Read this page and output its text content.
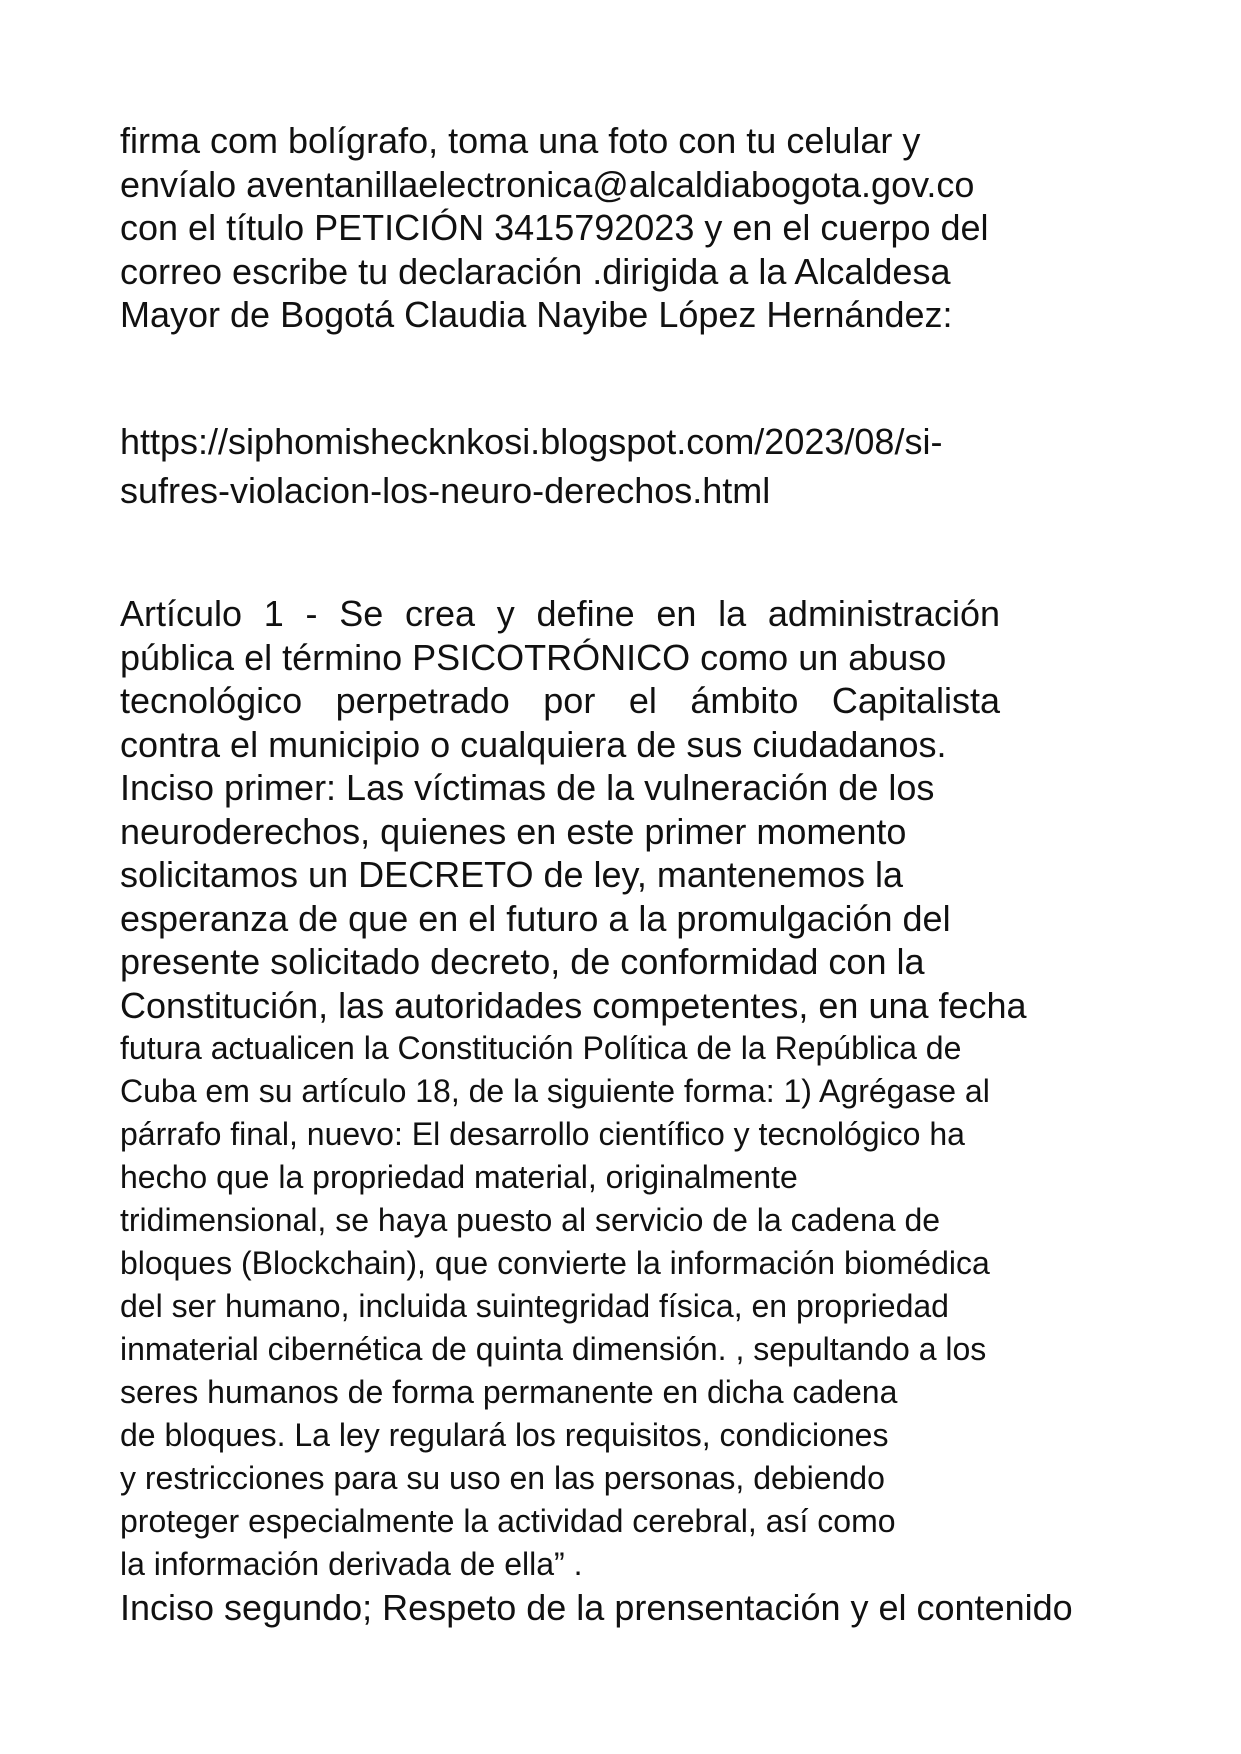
firma com bolígrafo, toma una foto con tu celular y
envíalo aventanillaelectronica@alcaldiabogota.gov.co
con el título PETICIÓN 3415792023 y en el cuerpo del
correo escribe tu declaración .dirigida a la Alcaldesa
Mayor de Bogotá Claudia Nayibe López Hernández:
https://siphomishecknkosi.blogspot.com/2023/08/si-
sufres-violacion-los-neuro-derechos.html
Artículo 1 - Se crea y define en la administración
pública el término PSICOTRÓNICO como un abuso
tecnológico perpetrado por el ámbito Capitalista
contra el municipio o cualquiera de sus ciudadanos.
Inciso primer: Las víctimas de la vulneración de los
neuroderechos, quienes en este primer momento
solicitamos un DECRETO de ley, mantenemos la
esperanza de que en el futuro a la promulgación del
presente solicitado decreto, de conformidad con la
Constitución, las autoridades competentes, en una fecha
futura actualicen la Constitución Política de la República de
Cuba em su artículo 18, de la siguiente forma: 1) Agrégase al
párrafo final, nuevo: El desarrollo científico y tecnológico ha
hecho que la propriedad material, originalmente
tridimensional, se haya puesto al servicio de la cadena de
bloques (Blockchain), que convierte la información biomédica
del ser humano, incluida suintegridad física, en propriedad
inmaterial cibernética de quinta dimensión. , sepultando a los
seres humanos de forma permanente en dicha cadena
de bloques. La ley regulará los requisitos, condiciones
y restricciones para su uso en las personas, debiendo
proteger especialmente la actividad cerebral, así como
la información derivada de ella” .
Inciso segundo; Respeto de la prensentación y el contenido
